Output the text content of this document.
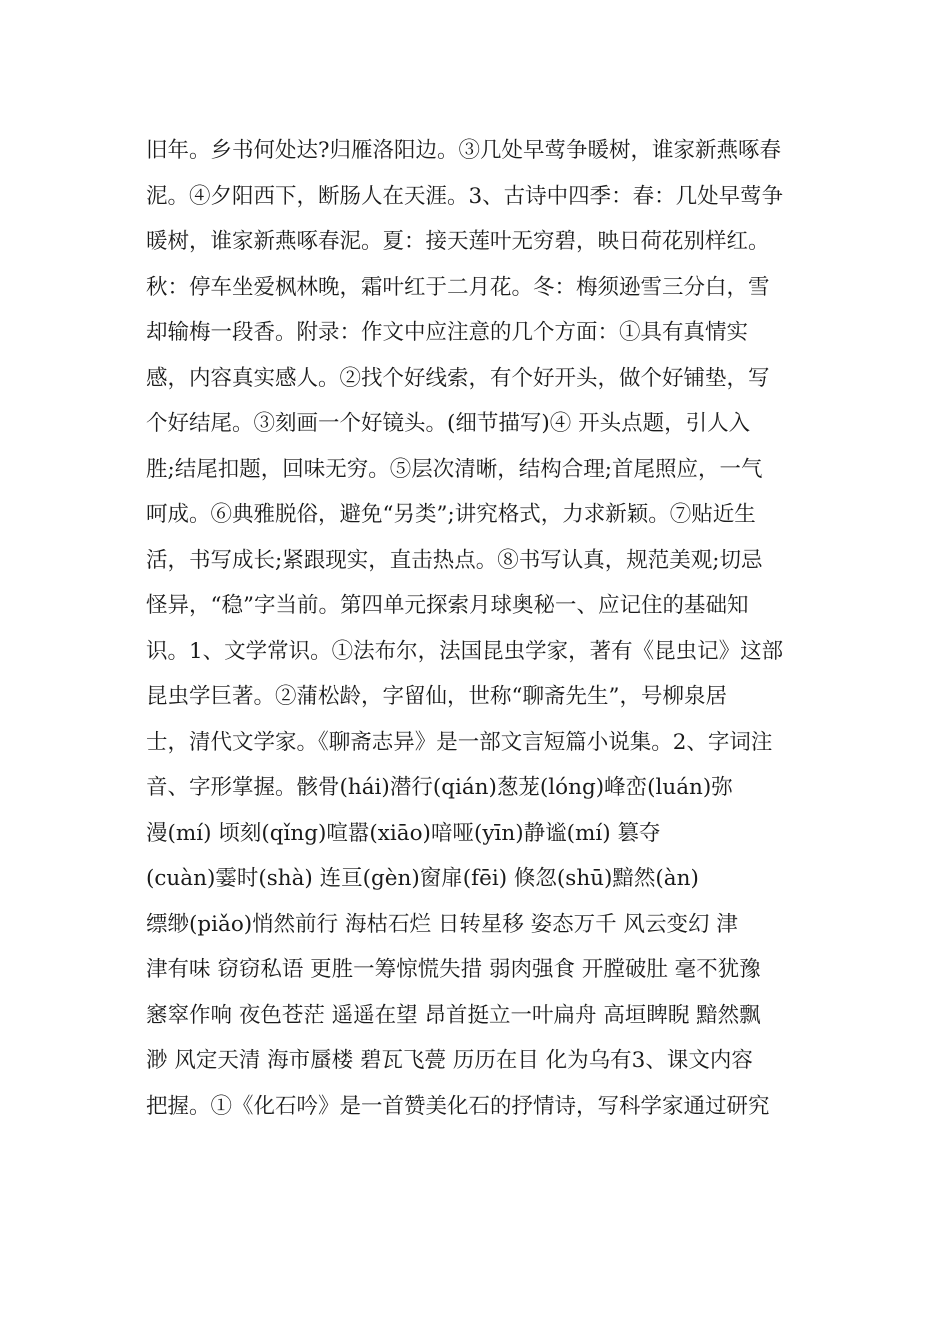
旧年。乡书何处达?归雁洛阳边。③几处早莺争暖树，谁家新燕啄春
泥。④夕阳西下，断肠人在天涯。3、古诗中四季：春：几处早莺争
暖树，谁家新燕啄春泥。夏：接天莲叶无穷碧，映日荷花别样红。
秋：停车坐爱枫林晚，霜叶红于二月花。冬：梅须逊雪三分白，雪
却输梅一段香。附录：作文中应注意的几个方面：①具有真情实
感，内容真实感人。②找个好线索，有个好开头，做个好铺垫，写
个好结尾。③刻画一个好镜头。(细节描写)④ 开头点题，引人入
胜;结尾扣题，回味无穷。⑤层次清晰，结构合理;首尾照应，一气
呵成。⑥典雅脱俗，避免“另类”;讲究格式，力求新颖。⑦贴近生
活，书写成长;紧跟现实，直击热点。⑧书写认真，规范美观;切忌
怪异，“稳”字当前。第四单元探索月球奥秘一、应记住的基础知
识。1、文学常识。①法布尔，法国昆虫学家，著有《昆虫记》这部
昆虫学巨著。②蒲松龄，字留仙，世称“聊斋先生”，号柳泉居
士，清代文学家。《聊斋志异》是一部文言短篇小说集。2、字词注
音、字形掌握。骸骨(hái)潜行(qián)葱茏(lóng)峰峦(luán)弥
漫(mí) 顷刻(qǐng)喧嚣(xiāo)喑哑(yīn)静谧(mí) 篡夺
(cuàn)霎时(shà) 连亘(gèn)窗扉(fēi) 倏忽(shū)黯然(àn)
缥缈(piǎo)悄然前行 海枯石烂 日转星移 姿态万千 风云变幻 津
津有味 窃窃私语 更胜一筹惊慌失措 弱肉强食 开膛破肚 毫不犹豫
窸窣作响 夜色苍茫 遥遥在望 昂首挺立一叶扁舟 高垣睥睨 黯然飘
渺 风定天清 海市蜃楼 碧瓦飞甍 历历在目 化为乌有3、课文内容
把握。①《化石吟》是一首赞美化石的抒情诗，写科学家通过研究
